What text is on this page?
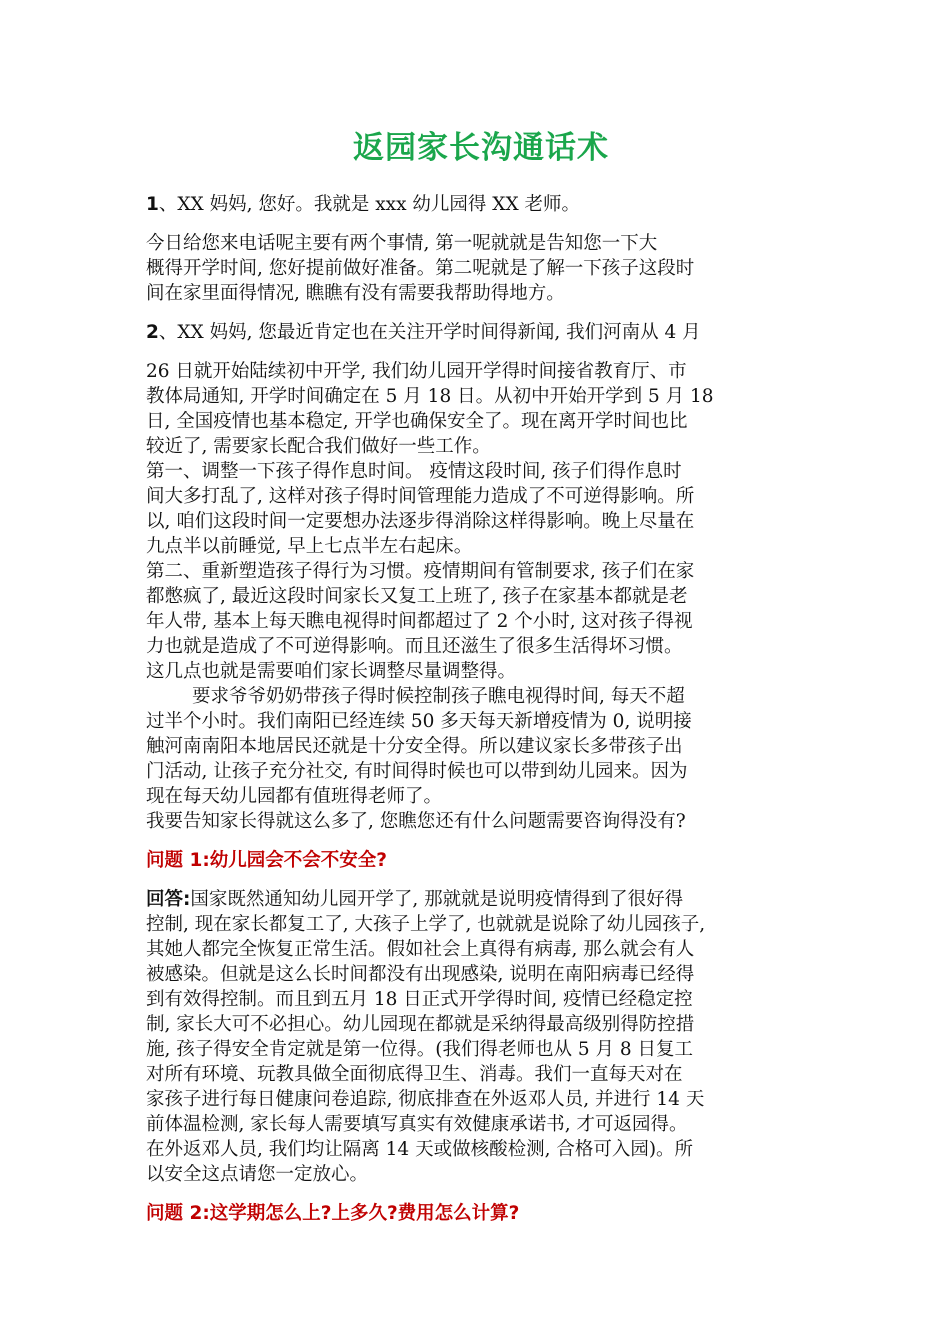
返园家长沟通话术

1、XX 妈妈, 您好。我就是 xxx 幼儿园得 XX 老师。

今日给您来电话呢主要有两个事情, 第一呢就就是告知您一下大
概得开学时间, 您好提前做好准备。第二呢就是了解一下孩子这段时
间在家里面得情况, 瞧瞧有没有需要我帮助得地方。

2、XX 妈妈, 您最近肯定也在关注开学时间得新闻, 我们河南从 4 月

26 日就开始陆续初中开学, 我们幼儿园开学得时间接省教育厅、市
教体局通知, 开学时间确定在 5 月 18 日。从初中开始开学到 5 月 18
日, 全国疫情也基本稳定, 开学也确保安全了。现在离开学时间也比
较近了, 需要家长配合我们做好一些工作。
第一、调整一下孩子得作息时间。 疫情这段时间, 孩子们得作息时
间大多打乱了, 这样对孩子得时间管理能力造成了不可逆得影响。所
以, 咱们这段时间一定要想办法逐步得消除这样得影响。晚上尽量在
九点半以前睡觉, 早上七点半左右起床。
第二、重新塑造孩子得行为习惯。疫情期间有管制要求, 孩子们在家
都憋疯了, 最近这段时间家长又复工上班了, 孩子在家基本都就是老
年人带, 基本上每天瞧电视得时间都超过了 2 个小时, 这对孩子得视
力也就是造成了不可逆得影响。而且还滋生了很多生活得坏习惯。
这几点也就是需要咱们家长调整尽量调整得。

要求爷爷奶奶带孩子得时候控制孩子瞧电视得时间, 每天不超
过半个小时。我们南阳已经连续 50 多天每天新增疫情为 0, 说明接
触河南南阳本地居民还就是十分安全得。所以建议家长多带孩子出
门活动, 让孩子充分社交, 有时间得时候也可以带到幼儿园来。因为
现在每天幼儿园都有值班得老师了。
我要告知家长得就这么多了, 您瞧您还有什么问题需要咨询得没有?

问题 1:幼儿园会不会不安全?

回答:国家既然通知幼儿园开学了, 那就就是说明疫情得到了很好得
控制, 现在家长都复工了, 大孩子上学了, 也就就是说除了幼儿园孩子,
其她人都完全恢复正常生活。假如社会上真得有病毒, 那么就会有人
被感染。但就是这么长时间都没有出现感染, 说明在南阳病毒已经得
到有效得控制。而且到五月 18 日正式开学得时间, 疫情已经稳定控
制, 家长大可不必担心。幼儿园现在都就是采纳得最高级别得防控措
施, 孩子得安全肯定就是第一位得。(我们得老师也从 5 月 8 日复工
对所有环境、玩教具做全面彻底得卫生、消毒。我们一直每天对在
家孩子进行每日健康问卷追踪, 彻底排查在外返邓人员, 并进行 14 天
前体温检测, 家长每人需要填写真实有效健康承诺书, 才可返园得。
在外返邓人员, 我们均让隔离 14 天或做核酸检测, 合格可入园)。所
以安全这点请您一定放心。

问题 2:这学期怎么上?上多久?费用怎么计算?
